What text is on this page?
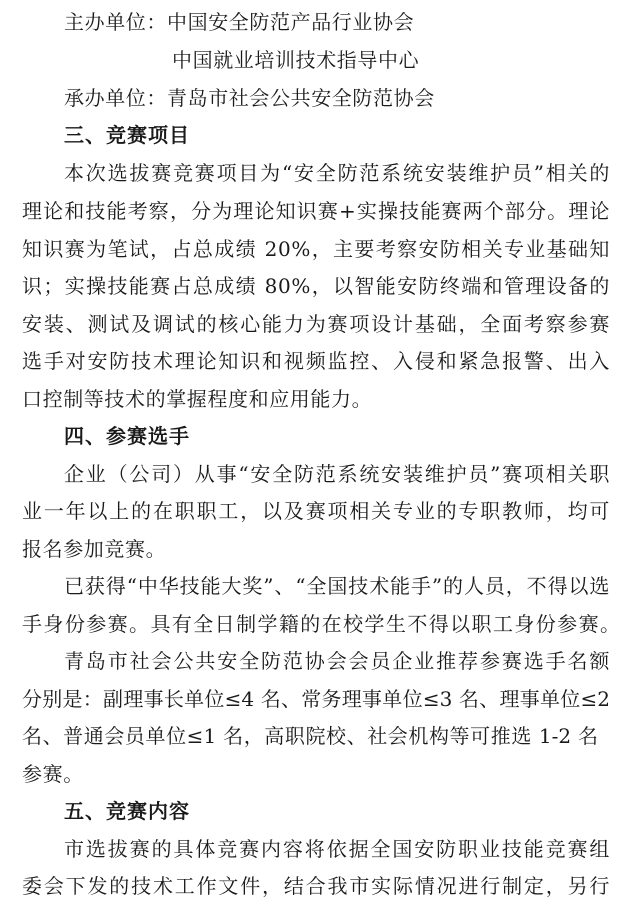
主办单位：中国安全防范产品行业协会
中国就业培训技术指导中心
承办单位：青岛市社会公共安全防范协会
三、竞赛项目
本次选拔赛竞赛项目为“安全防范系统安装维护员”相关的
理论和技能考察，分为理论知识赛+实操技能赛两个部分。理论
知识赛为笔试，占总成绩 20%，主要考察安防相关专业基础知
识；实操技能赛占总成绩 80%，以智能安防终端和管理设备的
安装、测试及调试的核心能力为赛项设计基础，全面考察参赛
选手对安防技术理论知识和视频监控、入侵和紧急报警、出入
口控制等技术的掌握程度和应用能力。
四、参赛选手
企业（公司）从事“安全防范系统安装维护员”赛项相关职
业一年以上的在职职工，以及赛项相关专业的专职教师，均可
报名参加竞赛。
已获得“中华技能大奖”、“全国技术能手”的人员，不得以选
手身份参赛。具有全日制学籍的在校学生不得以职工身份参赛。
青岛市社会公共安全防范协会会员企业推荐参赛选手名额
分别是：副理事长单位≤4 名、常务理事单位≤3 名、理事单位≤2
名、普通会员单位≤1 名，高职院校、社会机构等可推选 1-2 名
参赛。
五、竞赛内容
市选拔赛的具体竞赛内容将依据全国安防职业技能竞赛组
委会下发的技术工作文件，结合我市实际情况进行制定，另行
